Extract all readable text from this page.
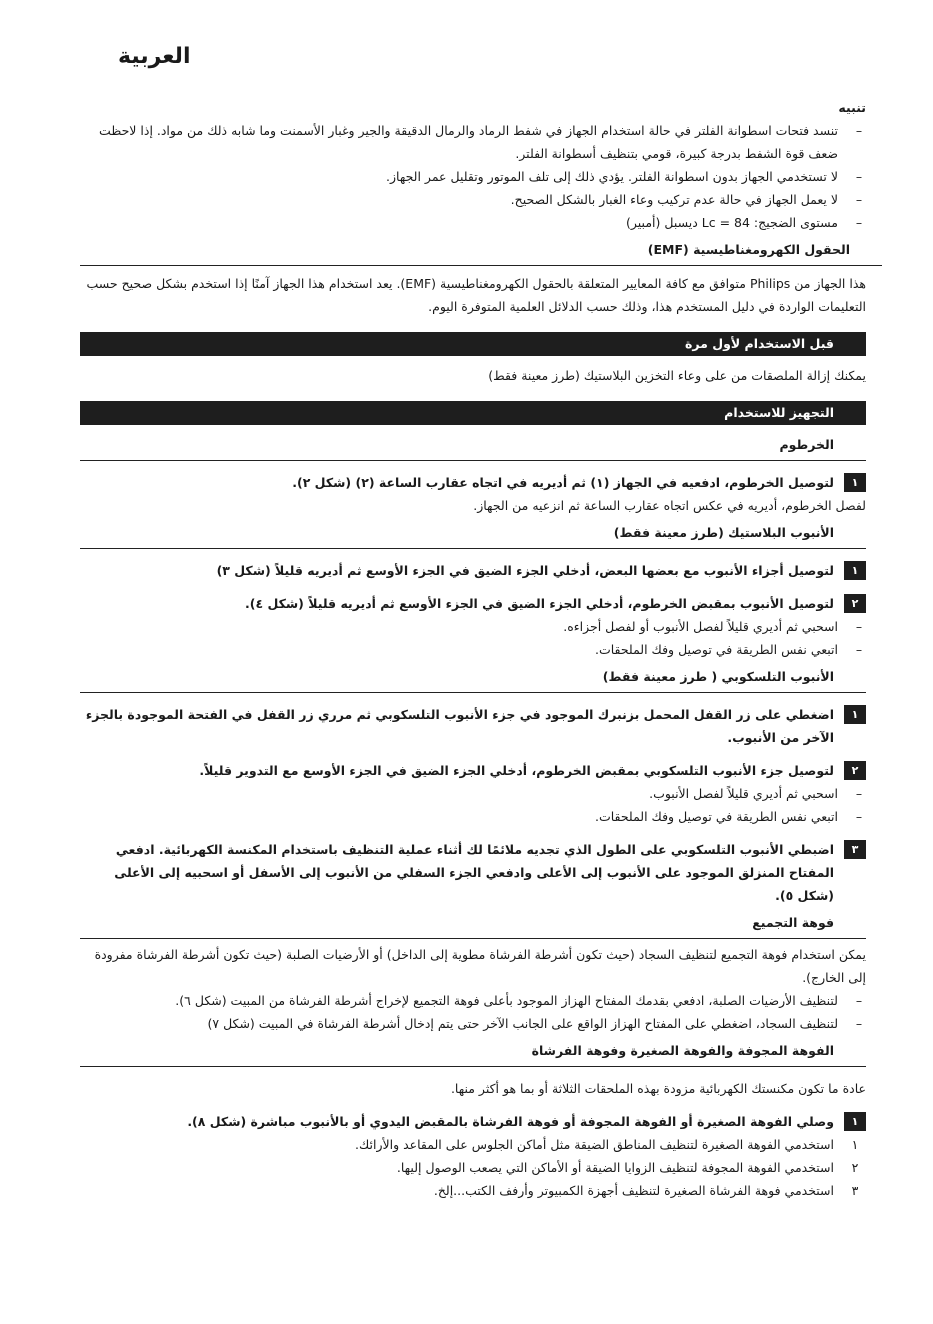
العربية
تنبيه
–
تنسد فتحات اسطوانة الفلتر في حالة استخدام الجهاز في شفط الرماد والرمال الدقيقة والجير وغبار الأسمنت وما شابه ذلك من مواد. إذا لاحظت ضعف قوة الشفط بدرجة كبيرة، قومي بتنظيف أسطوانة الفلتر.
–
لا تستخدمي الجهاز بدون اسطوانة الفلتر. يؤدي ذلك إلى تلف الموتور وتقليل عمر الجهاز.
–
لا يعمل الجهاز في حالة عدم تركيب وعاء الغبار بالشكل الصحيح.
–
مستوى الضجيج: Lc = 84 ديسبل (أمبير)
الحقول الكهرومغناطيسية (EMF)

هذا الجهاز من Philips متوافق مع كافة المعايير المتعلقة بالحقول الكهرومغناطيسية (EMF). يعد استخدام هذا الجهاز آمنًا إذا استخدم بشكل صحيح حسب التعليمات الواردة في دليل المستخدم هذا، وذلك حسب الدلائل العلمية المتوفرة اليوم.

قبل الاستخدام لأول مرة

يمكنك إزالة الملصقات من على وعاء التخزين البلاستيك (طرز معينة فقط)

التجهيز للاستخدام
الخرطوم
١
لتوصيل الخرطوم، ادفعيه في الجهاز (١) ثم أديريه في اتجاه عقارب الساعة (٢) (شكل ٢).

لفصل الخرطوم، أديريه في عكس اتجاه عقارب الساعة ثم انزعيه من الجهاز.

الأنبوب البلاستيك (طرز معينة فقط)
١
لتوصيل أجزاء الأنبوب مع بعضها البعض، أدخلي الجزء الضيق في الجزء الأوسع ثم أديريه قليلاً (شكل ٣)
٢
لتوصيل الأنبوب بمقبض الخرطوم، أدخلي الجزء الضيق في الجزء الأوسع ثم أديريه قليلاً (شكل ٤).
–
اسحبي ثم أديري قليلاً لفصل الأنبوب أو لفصل أجزاءه.
–
اتبعي نفس الطريقة في توصيل وفك الملحقات.
الأنبوب التلسكوبي ( طرز معينة فقط)
١
اضغطي على زر القفل المحمل بزنبرك الموجود في جزء الأنبوب التلسكوبي ثم مرري زر القفل في الفتحة الموجودة بالجزء الآخر من الأنبوب.
٢
لتوصيل جزء الأنبوب التلسكوبي بمقبض الخرطوم، أدخلي الجزء الضيق في الجزء الأوسع مع التدوير قليلاً.
–
اسحبي ثم أديري قليلاً لفصل الأنبوب.
–
اتبعي نفس الطريقة في توصيل وفك الملحقات.
٣
اضبطي الأنبوب التلسكوبي على الطول الذي تجديه ملائمًا لك أثناء عملية التنظيف باستخدام المكنسة الكهربائية. ادفعي المفتاح المنزلق الموجود على الأنبوب إلى الأعلى وادفعي الجزء السفلي من الأنبوب إلى الأسفل أو اسحبيه إلى الأعلى (شكل ٥).
فوهة التجميع

يمكن استخدام فوهة التجميع لتنظيف السجاد (حيث تكون أشرطة الفرشاة مطوية إلى الداخل) أو الأرضيات الصلبة (حيث تكون أشرطة الفرشاة مفرودة إلى الخارج).

–
لتنظيف الأرضيات الصلبة، ادفعي بقدمك المفتاح الهزاز الموجود بأعلى فوهة التجميع لإخراج أشرطة الفرشاة من المبيت (شكل ٦).
–
لتنظيف السجاد، اضغطي على المفتاح الهزاز الواقع على الجانب الآخر حتى يتم إدخال أشرطة الفرشاة في المبيت (شكل ٧)
الفوهة المجوفة والفوهة الصغيرة وفوهة الفرشاة

عادة ما تكون مكنستك الكهربائية مزودة بهذه الملحقات الثلاثة أو بما هو أكثر منها.

١
وصلي الفوهة الصغيرة أو الفوهة المجوفة أو فوهة الفرشاة بالمقبض اليدوي أو بالأنبوب مباشرة (شكل ٨).
١
استخدمي الفوهة الصغيرة لتنظيف المناطق الضيقة مثل أماكن الجلوس على المقاعد والأرائك.
٢
استخدمي الفوهة المجوفة لتنظيف الزوايا الضيقة أو الأماكن التي يصعب الوصول إليها.
٣
استخدمي فوهة الفرشاة الصغيرة لتنظيف أجهزة الكمبيوتر وأرفف الكتب...إلخ.
